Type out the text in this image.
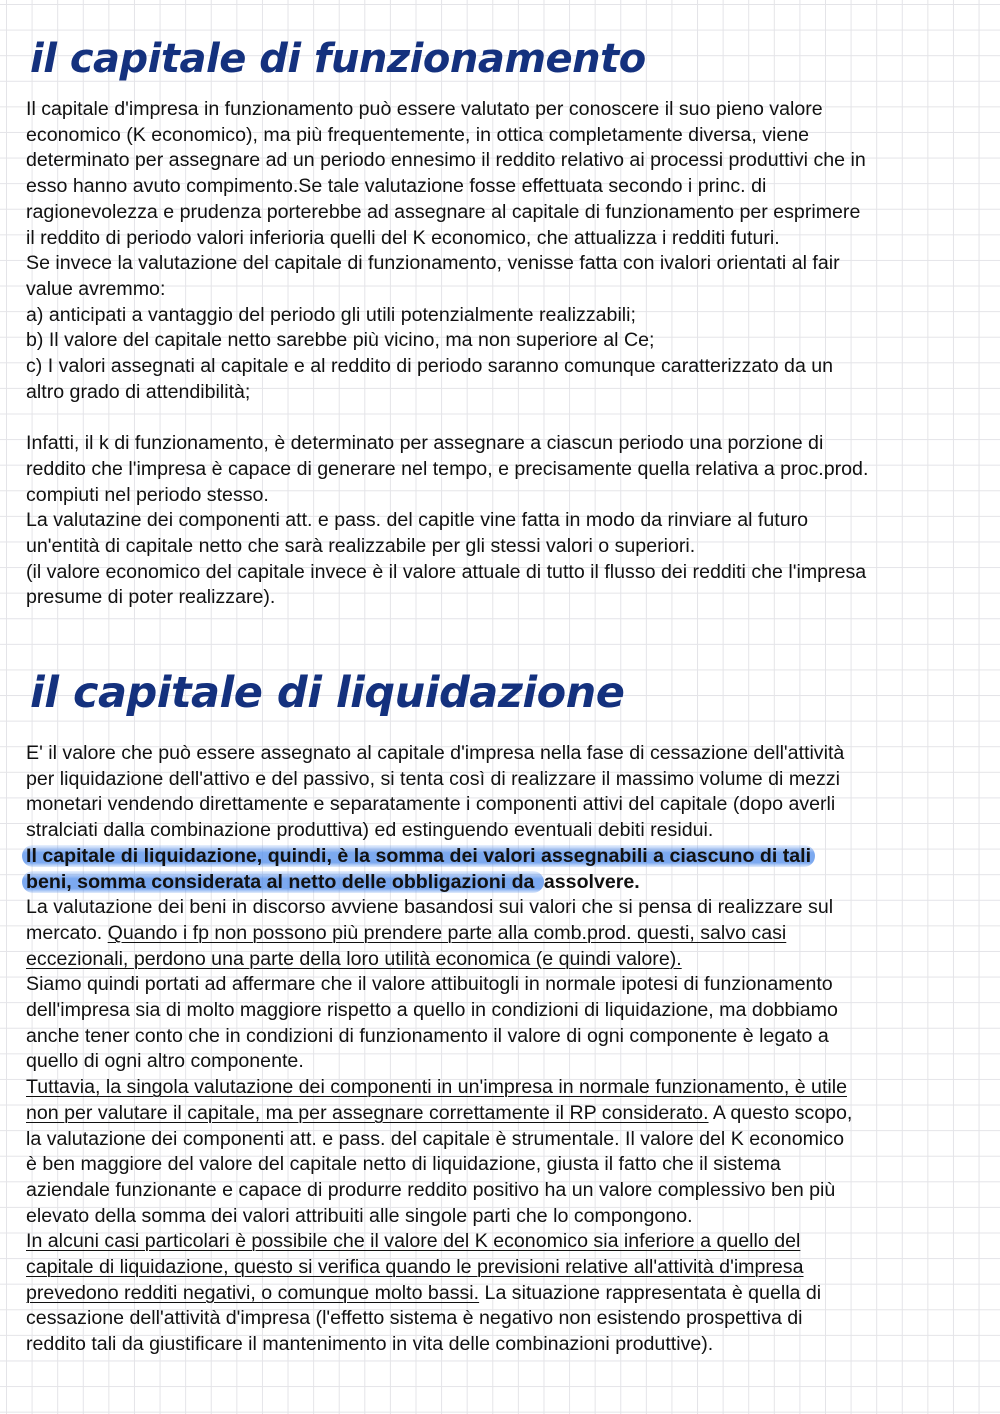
il capitale di funzionamento
Il capitale d'impresa in funzionamento può essere valutato per conoscere il suo pieno valore
economico (K economico), ma più frequentemente, in ottica completamente diversa, viene
determinato per assegnare ad un periodo ennesimo il reddito relativo ai processi produttivi che in
esso hanno avuto compimento.Se tale valutazione fosse effettuata secondo i princ. di
ragionevolezza e prudenza porterebbe ad assegnare al capitale di funzionamento per esprimere
il reddito di periodo valori inferioria quelli del K economico, che attualizza i redditi futuri.
Se invece la valutazione del capitale di funzionamento, venisse fatta con ivalori orientati al fair
value avremmo:
a) anticipati a vantaggio del periodo gli utili potenzialmente realizzabili;
b) Il valore del capitale netto sarebbe più vicino, ma non superiore al Ce;
c) I valori assegnati al capitale e al reddito di periodo saranno comunque caratterizzato da un
altro grado di attendibilità;
Infatti, il k di funzionamento, è determinato per assegnare a ciascun periodo una porzione di
reddito che l'impresa è capace di generare nel tempo, e precisamente quella relativa a proc.prod.
compiuti nel periodo stesso.
La valutazine dei componenti att. e pass. del capitle vine fatta in modo da rinviare al futuro
un'entità di capitale netto che sarà realizzabile per gli stessi valori o superiori.
(il valore economico del capitale invece è il valore attuale di tutto il flusso dei redditi che l'impresa
presume di poter realizzare).
il capitale di liquidazione
E' il valore che può essere assegnato al capitale d'impresa nella fase di cessazione dell'attività
per liquidazione dell'attivo e del passivo, si tenta così di realizzare il massimo volume di mezzi
monetari vendendo direttamente e separatamente i componenti attivi del capitale (dopo averli
stralciati dalla combinazione produttiva) ed estinguendo eventuali debiti residui.
Il capitale di liquidazione, quindi, è la somma dei valori assegnabili a ciascuno di tali
beni, somma considerata al netto delle obbligazioni da assolvere.
La valutazione dei beni in discorso avviene basandosi sui valori che si pensa di realizzare sul
mercato. Quando i fp non possono più prendere parte alla comb.prod. questi, salvo casi
eccezionali, perdono una parte della loro utilità economica (e quindi valore).
Siamo quindi portati ad affermare che il valore attibuitogli in normale ipotesi di funzionamento
dell'impresa sia di molto maggiore rispetto a quello in condizioni di liquidazione, ma dobbiamo
anche tener conto che in condizioni di funzionamento il valore di ogni componente è legato a
quello di ogni altro componente.
Tuttavia, la singola valutazione dei componenti in un'impresa in normale funzionamento, è utile
non per valutare il capitale, ma per assegnare correttamente il RP considerato. A questo scopo,
la valutazione dei componenti att. e pass. del capitale è strumentale. Il valore del K economico
è ben maggiore del valore del capitale netto di liquidazione, giusta il fatto che il sistema
aziendale funzionante e capace di produrre reddito positivo ha un valore complessivo ben più
elevato della somma dei valori attribuiti alle singole parti che lo compongono.
In alcuni casi particolari è possibile che il valore del K economico sia inferiore a quello del
capitale di liquidazione, questo si verifica quando le previsioni relative all'attività d'impresa
prevedono redditi negativi, o comunque molto bassi. La situazione rappresentata è quella di
cessazione dell'attività d'impresa (l'effetto sistema è negativo non esistendo prospettiva di
reddito tali da giustificare il mantenimento in vita delle combinazioni produttive).
